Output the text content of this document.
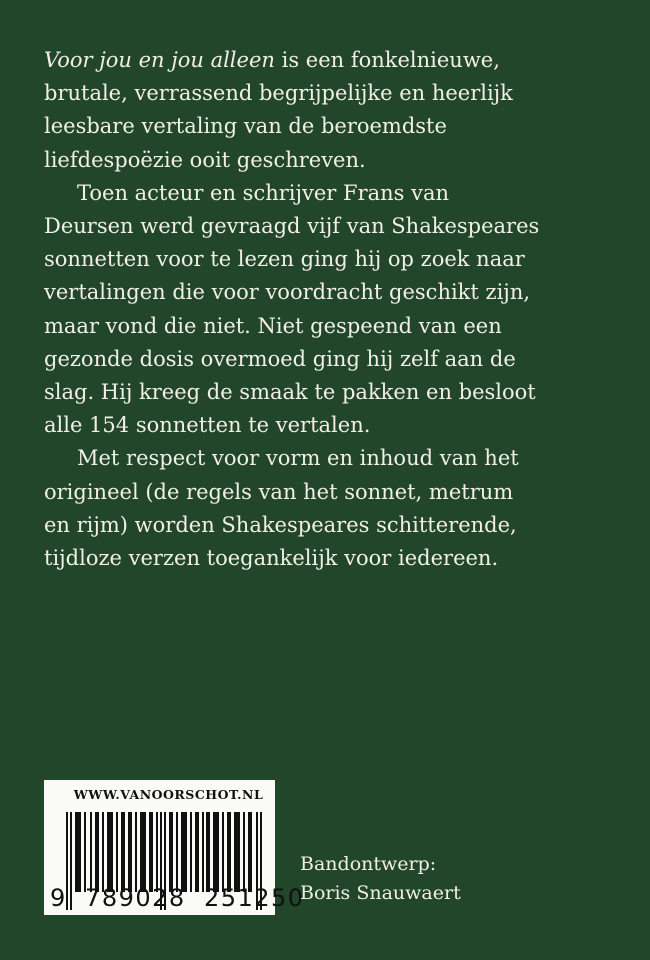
Voor jou en jou alleen is een fonkelnieuwe,
brutale, verrassend begrijpelijke en heerlijk
leesbare vertaling van de beroemdste
liefdespoëzie ooit geschreven.

Toen acteur en schrijver Frans van
Deursen werd gevraagd vijf van Shakespeares
sonnetten voor te lezen ging hij op zoek naar
vertalingen die voor voordracht geschikt zijn,
maar vond die niet. Niet gespeend van een
gezonde dosis overmoed ging hij zelf aan de
slag. Hij kreeg de smaak te pakken en besloot
alle 154 sonnetten te vertalen.

Met respect voor vorm en inhoud van het
origineel (de regels van het sonnet, metrum
en rijm) worden Shakespeares schitterende,
tijdloze verzen toegankelijk voor iedereen.

WWW.VANOORSCHOT.NL
9 789028 251250
Bandontwerp:
Boris Snauwaert
